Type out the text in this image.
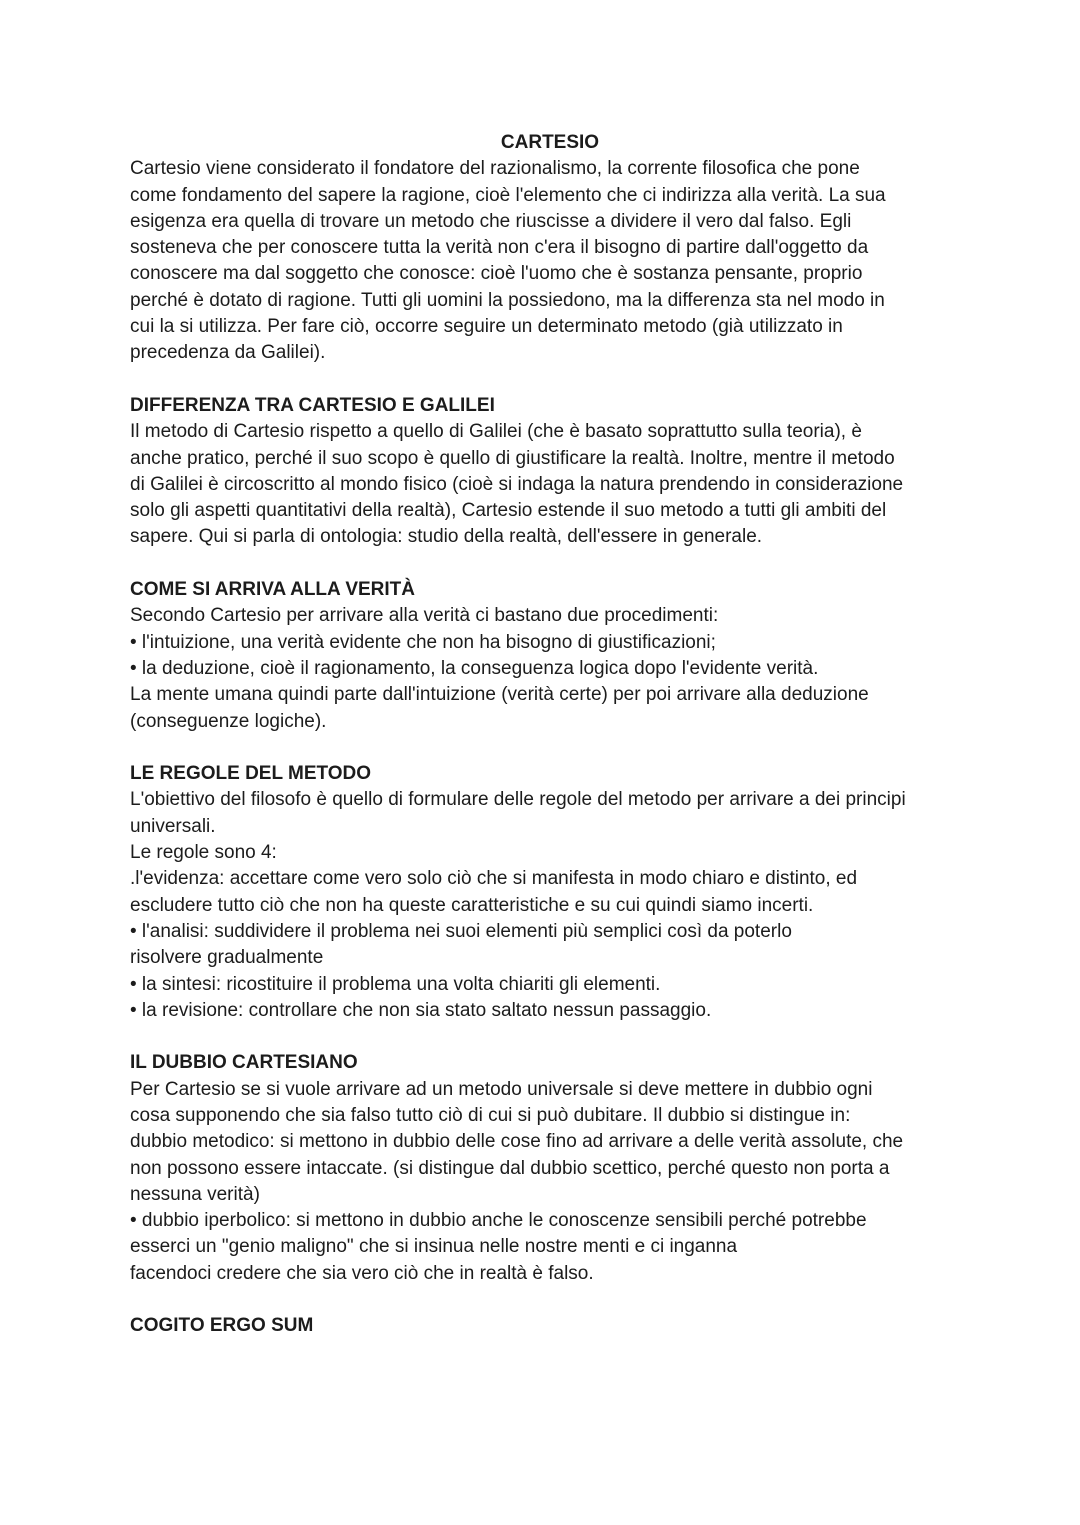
CARTESIO

Cartesio viene considerato il fondatore del razionalismo, la corrente filosofica che pone
come fondamento del sapere la ragione, cioè l'elemento che ci indirizza alla verità. La sua
esigenza era quella di trovare un metodo che riuscisse a dividere il vero dal falso. Egli
sosteneva che per conoscere tutta la verità non c'era il bisogno di partire dall'oggetto da
conoscere ma dal soggetto che conosce: cioè l'uomo che è sostanza pensante, proprio
perché è dotato di ragione. Tutti gli uomini la possiedono, ma la differenza sta nel modo in
cui la si utilizza. Per fare ciò, occorre seguire un determinato metodo (già utilizzato in
precedenza da Galilei).

DIFFERENZA TRA CARTESIO E GALILEI

Il metodo di Cartesio rispetto a quello di Galilei (che è basato soprattutto sulla teoria), è
anche pratico, perché il suo scopo è quello di giustificare la realtà. Inoltre, mentre il metodo
di Galilei è circoscritto al mondo fisico (cioè si indaga la natura prendendo in considerazione
solo gli aspetti quantitativi della realtà), Cartesio estende il suo metodo a tutti gli ambiti del
sapere. Qui si parla di ontologia: studio della realtà, dell'essere in generale.

COME SI ARRIVA ALLA VERITÀ

Secondo Cartesio per arrivare alla verità ci bastano due procedimenti:
• l'intuizione, una verità evidente che non ha bisogno di giustificazioni;
• la deduzione, cioè il ragionamento, la conseguenza logica dopo l'evidente verità.
La mente umana quindi parte dall'intuizione (verità certe) per poi arrivare alla deduzione
(conseguenze logiche).

LE REGOLE DEL METODO

L'obiettivo del filosofo è quello di formulare delle regole del metodo per arrivare a dei principi
universali.
Le regole sono 4:
.l'evidenza: accettare come vero solo ciò che si manifesta in modo chiaro e distinto, ed
escludere tutto ciò che non ha queste caratteristiche e su cui quindi siamo incerti.
• l'analisi: suddividere il problema nei suoi elementi più semplici così da poterlo
risolvere gradualmente
• la sintesi: ricostituire il problema una volta chiariti gli elementi.
• la revisione: controllare che non sia stato saltato nessun passaggio.

IL DUBBIO CARTESIANO

Per Cartesio se si vuole arrivare ad un metodo universale si deve mettere in dubbio ogni
cosa supponendo che sia falso tutto ciò di cui si può dubitare. Il dubbio si distingue in:
dubbio metodico: si mettono in dubbio delle cose fino ad arrivare a delle verità assolute, che
non possono essere intaccate. (si distingue dal dubbio scettico, perché questo non porta a
nessuna verità)
• dubbio iperbolico: si mettono in dubbio anche le conoscenze sensibili perché potrebbe
esserci un "genio maligno" che si insinua nelle nostre menti e ci inganna
facendoci credere che sia vero ciò che in realtà è falso.

COGITO ERGO SUM
